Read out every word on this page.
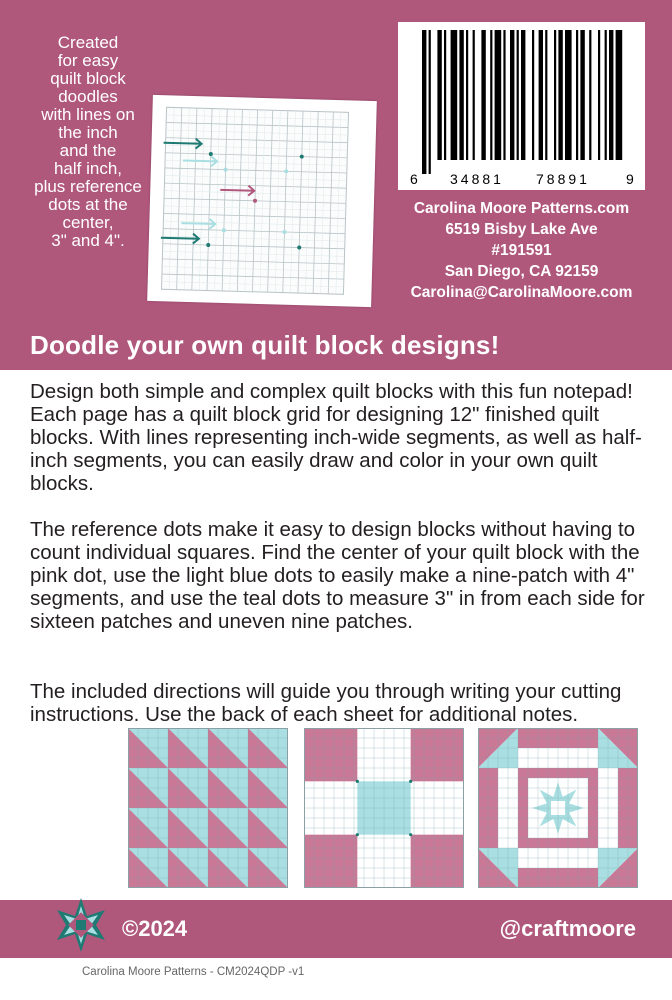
Created
for easy
quilt block
doodles
with lines on
the inch
and the
half inch,
plus reference
dots at the
center,
3" and 4".
6 34881 78891	9
Carolina Moore Patterns.com
6519 Bisby Lake Ave
#191591
San Diego, CA 92159
Carolina@CarolinaMoore.com
Doodle your own quilt block designs!
Design both simple and complex quilt blocks with this fun notepad! Each page has a quilt block grid for designing 12" finished quilt blocks. With lines representing inch-wide segments, as well as half-inch segments, you can easily draw and color in your own quilt blocks.
The reference dots make it easy to design blocks without having to count individual squares. Find the center of your quilt block with the pink dot, use the light blue dots to easily make a nine-patch with 4" segments, and use the teal dots to measure 3" in from each side for sixteen patches and uneven nine patches.
The included directions will guide you through writing your cutting instructions. Use the back of each sheet for additional notes.
©2024	@craftmoore
Carolina Moore Patterns - CM2024QDP -v1
